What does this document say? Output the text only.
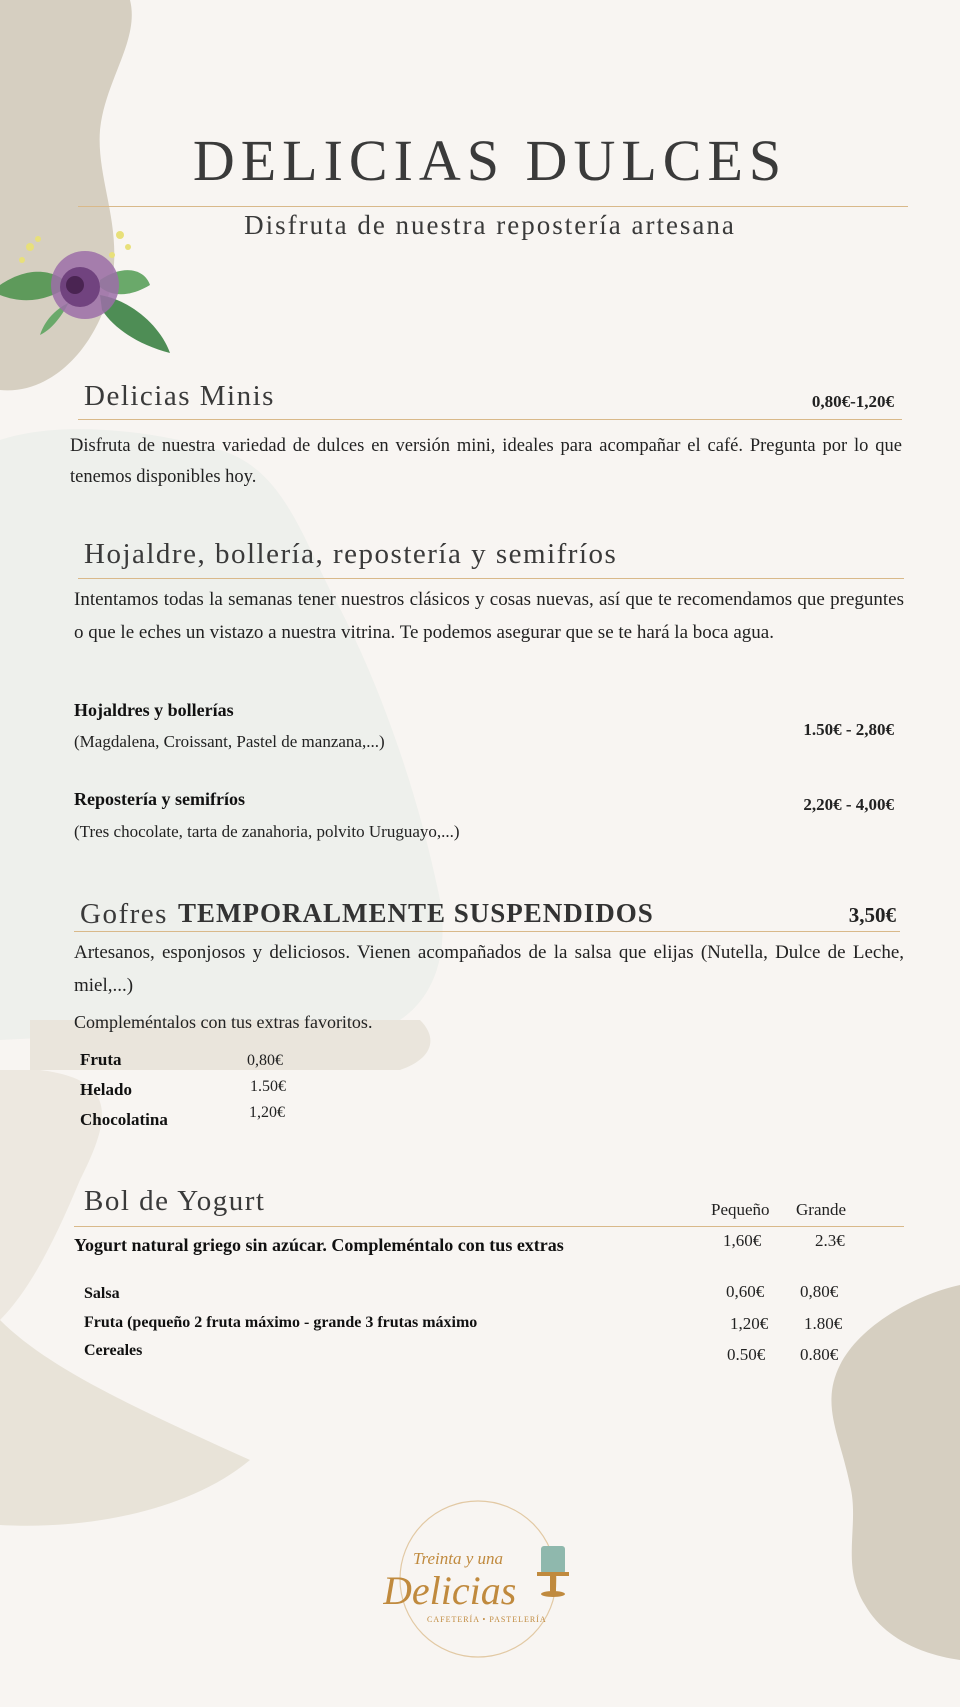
DELICIAS DULCES
Disfruta de nuestra repostería artesana
Delicias Minis	0,80€-1,20€
Disfruta de nuestra variedad de dulces en versión mini, ideales para acompañar el café. Pregunta por lo que tenemos disponibles hoy.
Hojaldre, bollería, repostería y semifríos
Intentamos todas la semanas tener nuestros clásicos y cosas nuevas, así que te recomendamos que preguntes o que le eches un vistazo a nuestra vitrina. Te podemos asegurar que se te hará la boca agua.
Hojaldres y bollerías
(Magdalena, Croissant, Pastel de manzana,...)
1.50€ - 2,80€
Repostería y semifríos
(Tres chocolate, tarta de zanahoria, polvito Uruguayo,...)
2,20€ - 4,00€
Gofres TEMPORALMENTE SUSPENDIDOS	3,50€
Artesanos, esponjosos y deliciosos. Vienen acompañados de la salsa que elijas (Nutella, Dulce de Leche, miel,...)
Compleméntalos con tus extras favoritos.
Fruta	0,80€
Helado	1.50€
Chocolatina	1,20€
Bol de Yogurt	Pequeño Grande
Yogurt natural griego sin azúcar. Compleméntalo con tus extras	1,60€	2.3€
Salsa	0,60€ 0,80€
Fruta (pequeño 2 fruta máximo - grande 3 frutas máximo	1,20€ 1.80€
Cereales	0.50€ 0.80€
Treinta y una
Delicias
CAFETERÍA • PASTELERÍA
